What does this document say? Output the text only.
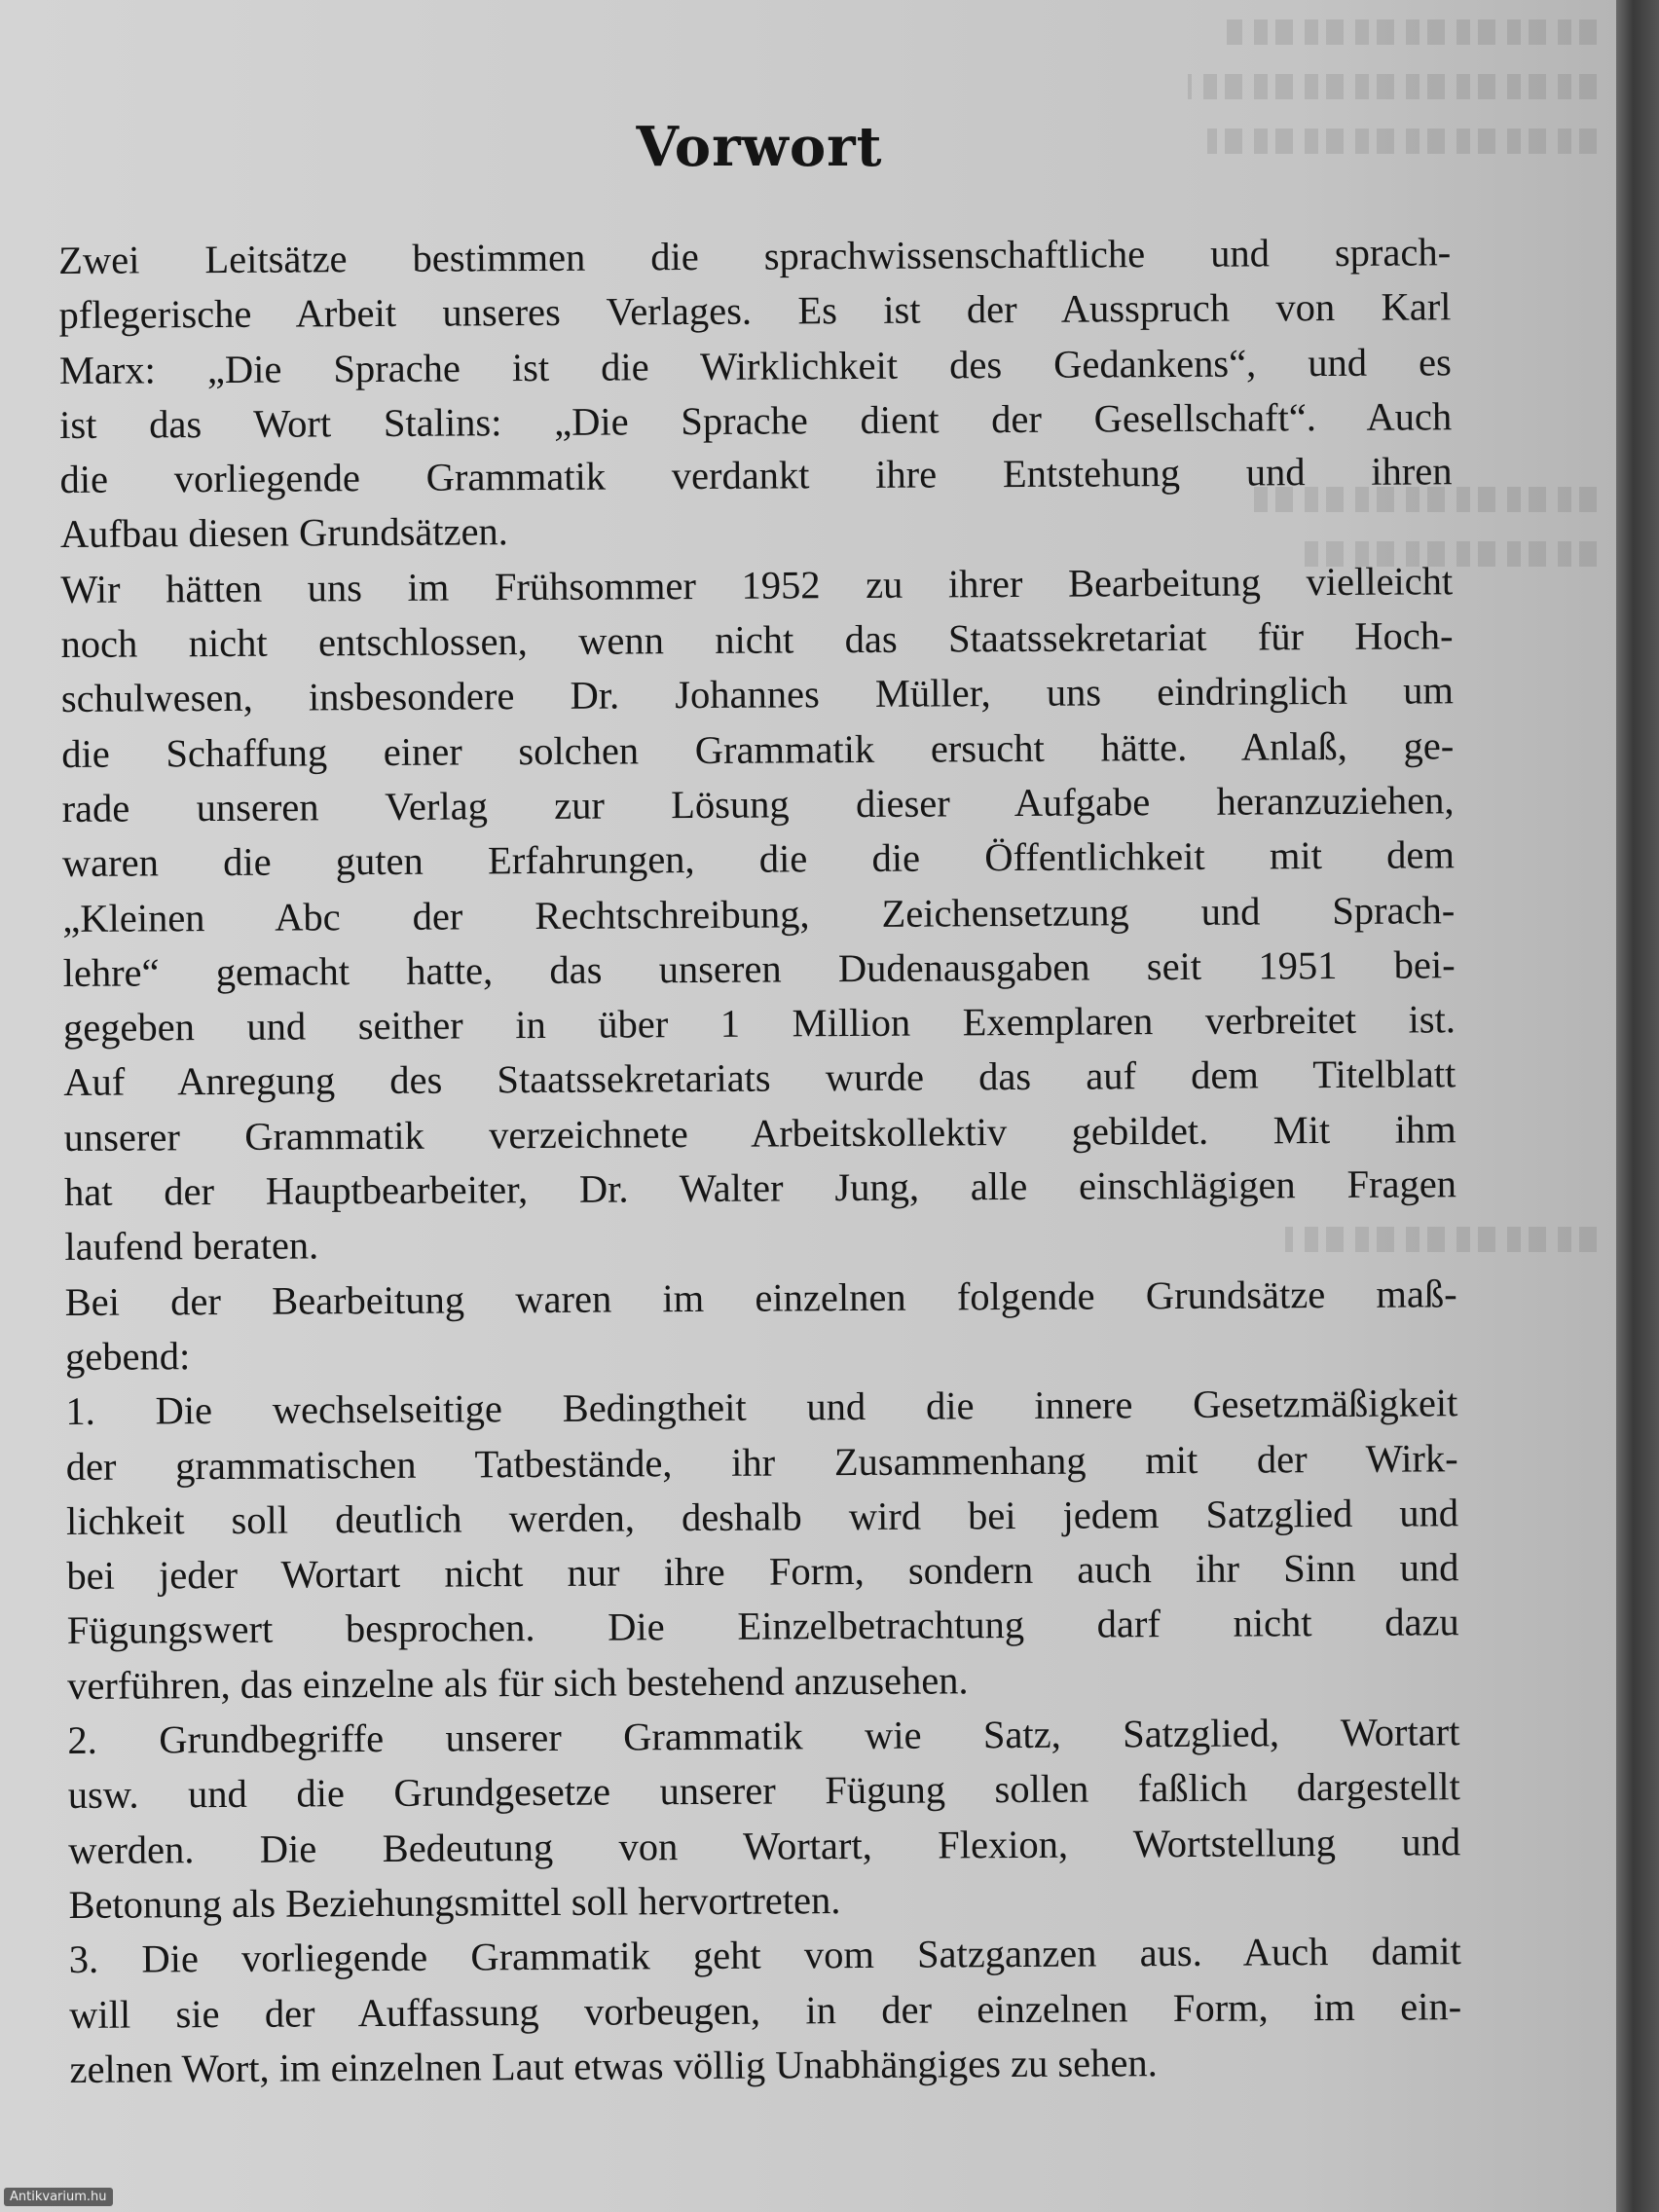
Vorwort
Zwei Leitsätze bestimmen die sprachwissenschaftliche und sprach-
pflegerische Arbeit unseres Verlages. Es ist der Ausspruch von Karl
Marx: „Die Sprache ist die Wirklichkeit des Gedankens“, und es
ist das Wort Stalins: „Die Sprache dient der Gesellschaft“. Auch
die vorliegende Grammatik verdankt ihre Entstehung und ihren
Aufbau diesen Grundsätzen.
Wir hätten uns im Frühsommer 1952 zu ihrer Bearbeitung vielleicht
noch nicht entschlossen, wenn nicht das Staatssekretariat für Hoch-
schulwesen, insbesondere Dr. Johannes Müller, uns eindringlich um
die Schaffung einer solchen Grammatik ersucht hätte. Anlaß, ge-
rade unseren Verlag zur Lösung dieser Aufgabe heranzuziehen,
waren die guten Erfahrungen, die die Öffentlichkeit mit dem
„Kleinen Abc der Rechtschreibung, Zeichensetzung und Sprach-
lehre“ gemacht hatte, das unseren Dudenausgaben seit 1951 bei-
gegeben und seither in über 1 Million Exemplaren verbreitet ist.
Auf Anregung des Staatssekretariats wurde das auf dem Titelblatt
unserer Grammatik verzeichnete Arbeitskollektiv gebildet. Mit ihm
hat der Hauptbearbeiter, Dr. Walter Jung, alle einschlägigen Fragen
laufend beraten.
Bei der Bearbeitung waren im einzelnen folgende Grundsätze maß-
gebend:
1. Die wechselseitige Bedingtheit und die innere Gesetzmäßigkeit
der grammatischen Tatbestände, ihr Zusammenhang mit der Wirk-
lichkeit soll deutlich werden, deshalb wird bei jedem Satzglied und
bei jeder Wortart nicht nur ihre Form, sondern auch ihr Sinn und
Fügungswert besprochen. Die Einzelbetrachtung darf nicht dazu
verführen, das einzelne als für sich bestehend anzusehen.
2. Grundbegriffe unserer Grammatik wie Satz, Satzglied, Wortart
usw. und die Grundgesetze unserer Fügung sollen faßlich dargestellt
werden. Die Bedeutung von Wortart, Flexion, Wortstellung und
Betonung als Beziehungsmittel soll hervortreten.
3. Die vorliegende Grammatik geht vom Satzganzen aus. Auch damit
will sie der Auffassung vorbeugen, in der einzelnen Form, im ein-
zelnen Wort, im einzelnen Laut etwas völlig Unabhängiges zu sehen.
Antikvarium.hu
